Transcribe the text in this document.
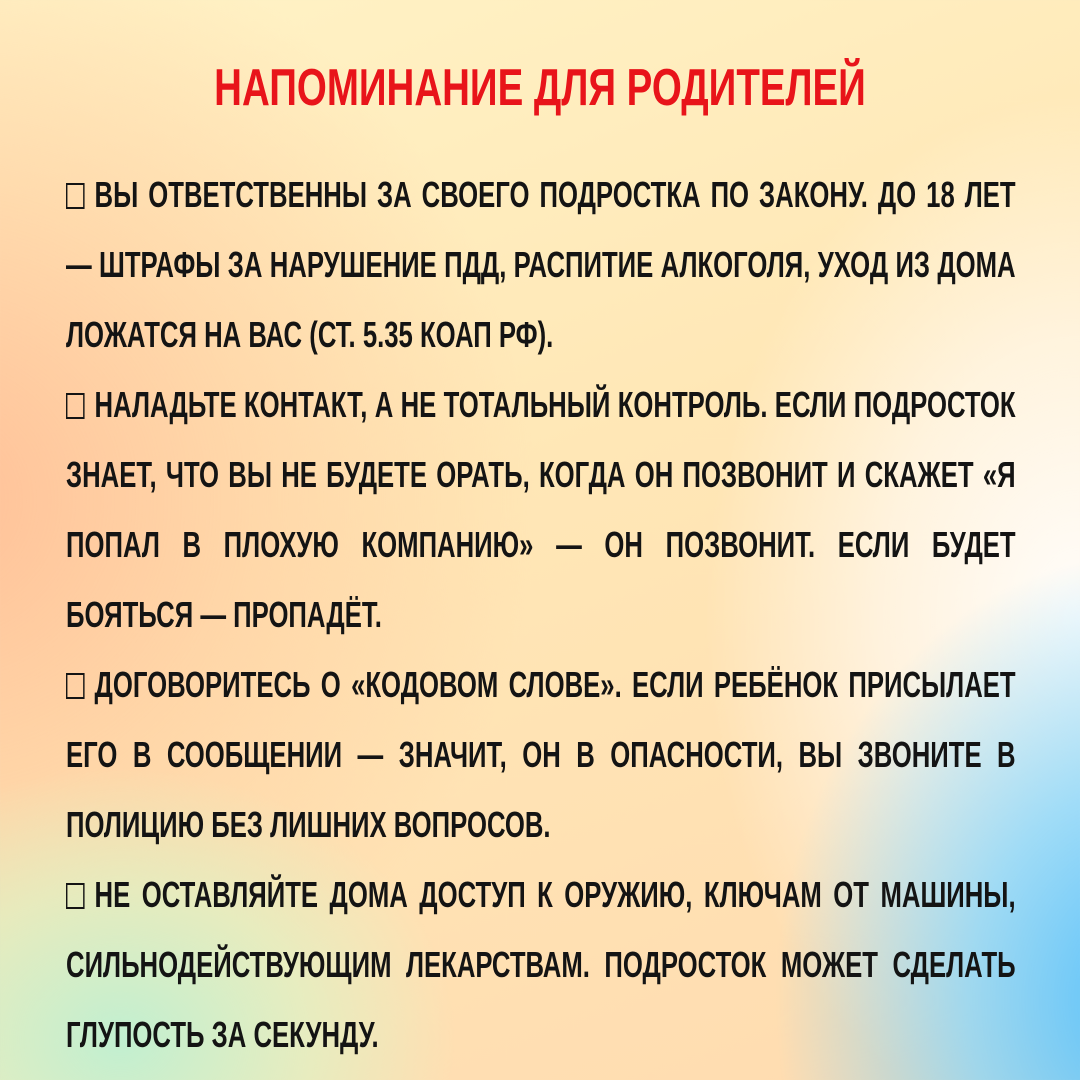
НАПОМИНАНИЕ ДЛЯ РОДИТЕЛЕЙ

ВЫ ОТВЕТСТВЕННЫ ЗА СВОЕГО ПОДРОСТКА ПО ЗАКОНУ. ДО 18 ЛЕТ — ШТРАФЫ ЗА НАРУШЕНИЕ ПДД, РАСПИТИЕ АЛКОГОЛЯ, УХОД ИЗ ДОМА ЛОЖАТСЯ НА ВАС (СТ. 5.35 КОАП РФ).

НАЛАДЬТЕ КОНТАКТ, А НЕ ТОТАЛЬНЫЙ КОНТРОЛЬ. ЕСЛИ ПОДРОСТОК ЗНАЕТ, ЧТО ВЫ НЕ БУДЕТЕ ОРАТЬ, КОГДА ОН ПОЗВОНИТ И СКАЖЕТ «Я ПОПАЛ В ПЛОХУЮ КОМПАНИЮ» — ОН ПОЗВОНИТ. ЕСЛИ БУДЕТ БОЯТЬСЯ — ПРОПАДЁТ.

ДОГОВОРИТЕСЬ О «КОДОВОМ СЛОВЕ». ЕСЛИ РЕБЁНОК ПРИСЫЛАЕТ ЕГО В СООБЩЕНИИ — ЗНАЧИТ, ОН В ОПАСНОСТИ, ВЫ ЗВОНИТЕ В ПОЛИЦИЮ БЕЗ ЛИШНИХ ВОПРОСОВ.

НЕ ОСТАВЛЯЙТЕ ДОМА ДОСТУП К ОРУЖИЮ, КЛЮЧАМ ОТ МАШИНЫ, СИЛЬНОДЕЙСТВУЮЩИМ ЛЕКАРСТВАМ. ПОДРОСТОК МОЖЕТ СДЕЛАТЬ ГЛУПОСТЬ ЗА СЕКУНДУ.
